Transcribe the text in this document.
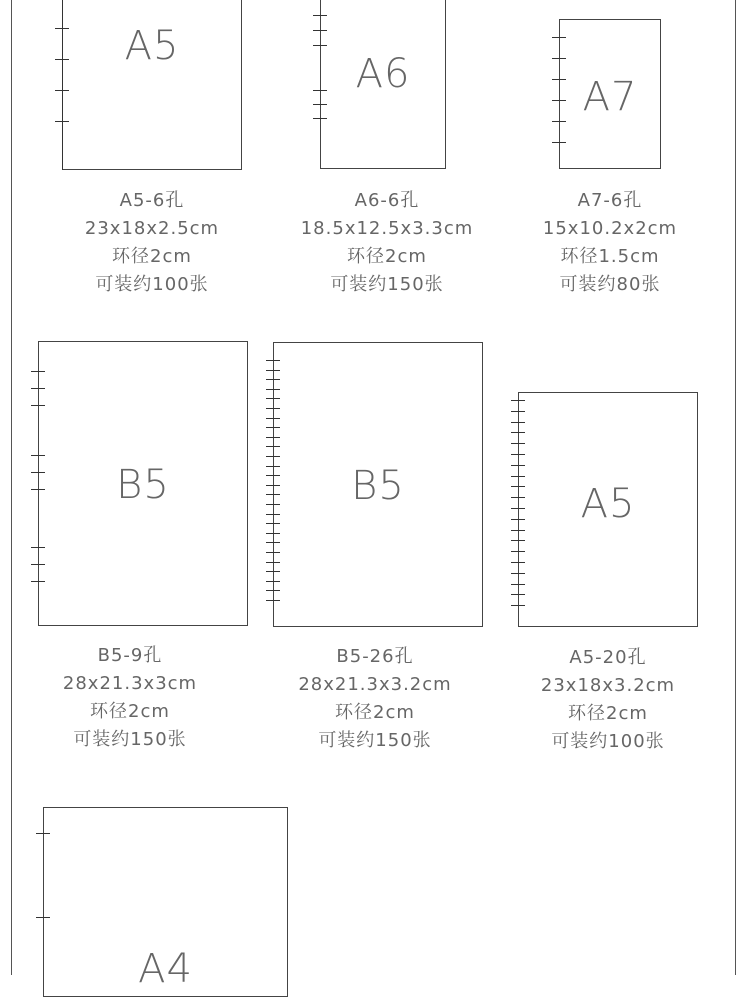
A5
A6	A7
A5-6孔
23x18x2.5cm
环径2cm
可装约100张
A6-6孔
18.5x12.5x3.3cm
环径2cm
可装约150张
A7-6孔
15x10.2x2cm
环径1.5cm
可装约80张
B5	B5	A5
B5-9孔
28x21.3x3cm
环径2cm
可装约150张
B5-26孔
28x21.3x3.2cm
环径2cm
可装约150张
A5-20孔
23x18x3.2cm
环径2cm
可装约100张
A4
